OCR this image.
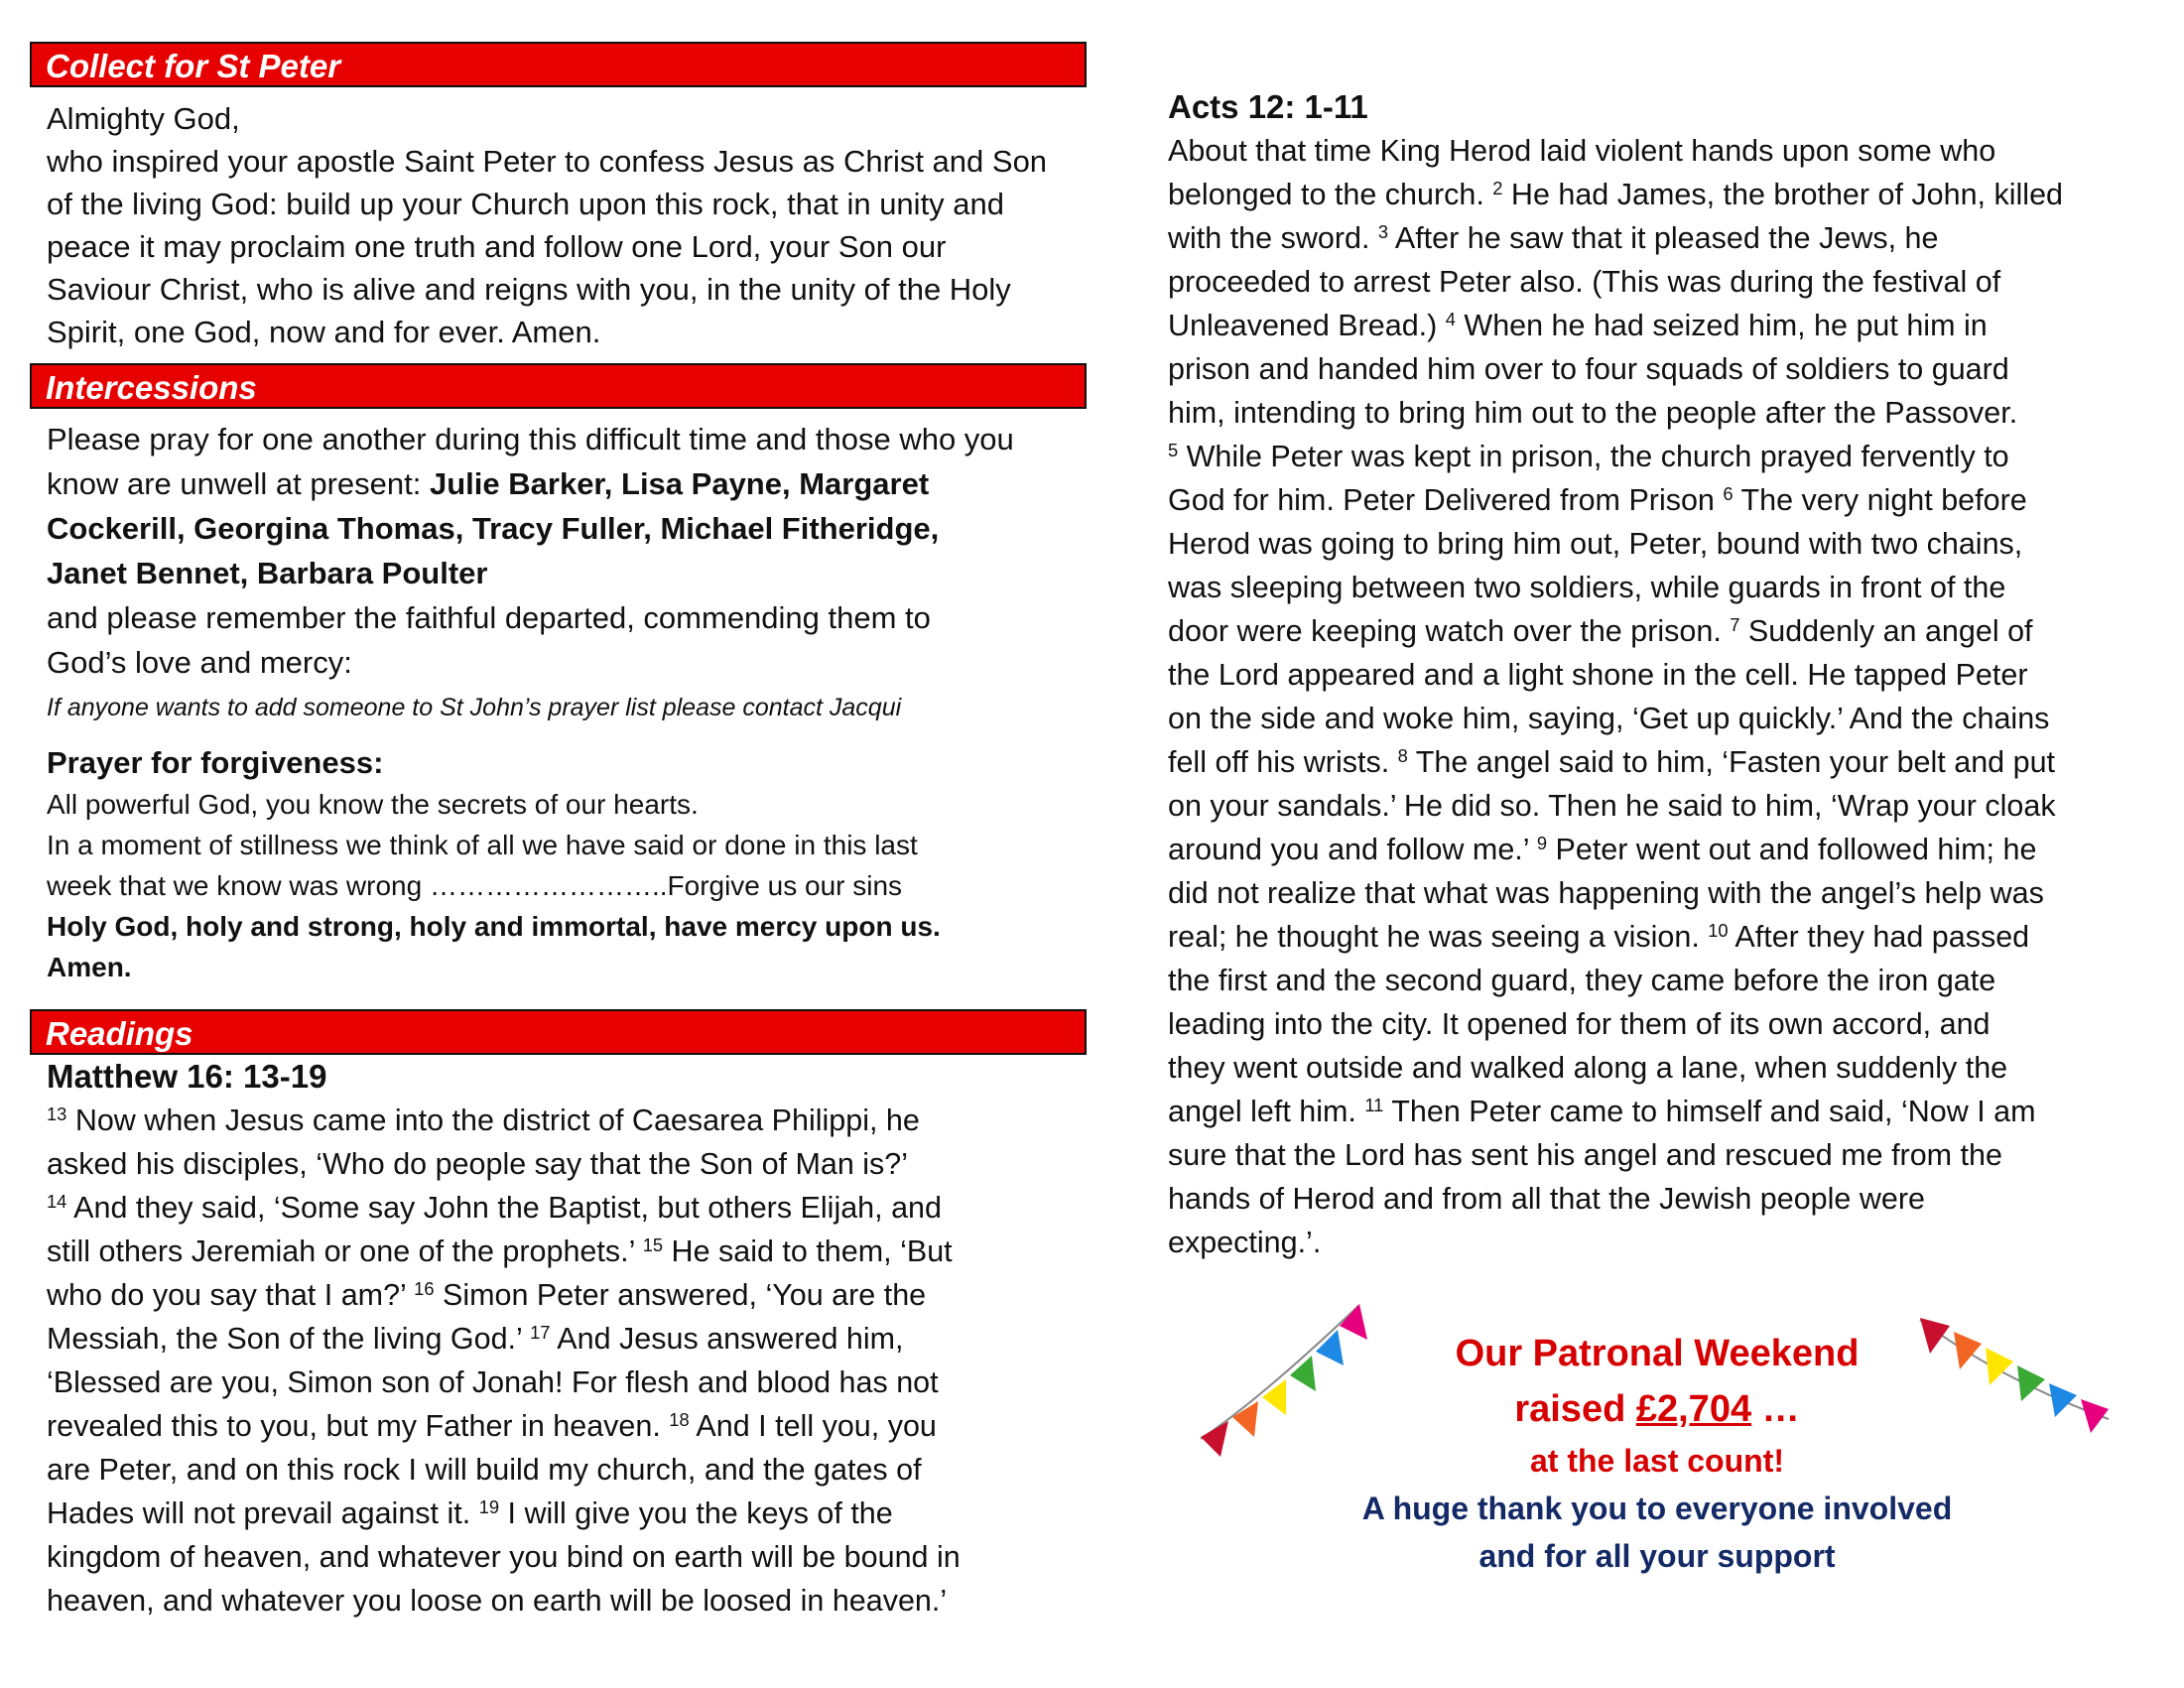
Collect for St Peter

Almighty God,

who inspired your apostle Saint Peter to confess Jesus as Christ and Son

of the living God: build up your Church upon this rock, that in unity and

peace it may proclaim one truth and follow one Lord, your Son our

Saviour Christ, who is alive and reigns with you, in the unity of the Holy

Spirit, one God, now and for ever. Amen.

Intercessions

Please pray for one another during this difficult time and those who you

know are unwell at present: Julie Barker, Lisa Payne, Margaret

Cockerill, Georgina Thomas, Tracy Fuller, Michael Fitheridge,

Janet Bennet, Barbara Poulter

and please remember the faithful departed, commending them to

God’s love and mercy:

If anyone wants to add someone to St John’s prayer list please contact Jacqui
Prayer for forgiveness:

All powerful God, you know the secrets of our hearts.

In a moment of stillness we think of all we have said or done in this last

week that we know was wrong ……………………..Forgive us our sins

Holy God, holy and strong, holy and immortal, have mercy upon us.

Amen.

Readings
Matthew 16: 13-19
$^{13}$ Now when Jesus came into the district of Caesarea Philippi, he
asked his disciples, ‘Who do people say that the Son of Man is?’
$^{14}$ And they said, ‘Some say John the Baptist, but others Elijah, and
still others Jeremiah or one of the prophets.’ $^{15}$ He said to them, ‘But
who do you say that I am?’ $^{16}$ Simon Peter answered, ‘You are the
Messiah, the Son of the living God.’ $^{17}$ And Jesus answered him,
‘Blessed are you, Simon son of Jonah! For flesh and blood has not
revealed this to you, but my Father in heaven. $^{18}$ And I tell you, you
are Peter, and on this rock I will build my church, and the gates of
Hades will not prevail against it. $^{19}$ I will give you the keys of the
kingdom of heaven, and whatever you bind on earth will be bound in
heaven, and whatever you loose on earth will be loosed in heaven.’
Acts 12: 1-11
About that time King Herod laid violent hands upon some who
belonged to the church. $^2$ He had James, the brother of John, killed
with the sword. $^3$ After he saw that it pleased the Jews, he
proceeded to arrest Peter also. (This was during the festival of
Unleavened Bread.) $^4$ When he had seized him, he put him in
prison and handed him over to four squads of soldiers to guard
him, intending to bring him out to the people after the Passover.
$^5$ While Peter was kept in prison, the church prayed fervently to
God for him. Peter Delivered from Prison $^6$ The very night before
Herod was going to bring him out, Peter, bound with two chains,
was sleeping between two soldiers, while guards in front of the
door were keeping watch over the prison. $^7$ Suddenly an angel of
the Lord appeared and a light shone in the cell. He tapped Peter
on the side and woke him, saying, ‘Get up quickly.’ And the chains
fell off his wrists. $^8$ The angel said to him, ‘Fasten your belt and put
on your sandals.’ He did so. Then he said to him, ‘Wrap your cloak
around you and follow me.’ $^9$ Peter went out and followed him; he
did not realize that what was happening with the angel’s help was
real; he thought he was seeing a vision. $^{10}$ After they had passed
the first and the second guard, they came before the iron gate
leading into the city. It opened for them of its own accord, and
they went outside and walked along a lane, when suddenly the
angel left him. $^{11}$ Then Peter came to himself and said, ‘Now I am
sure that the Lord has sent his angel and rescued me from the
hands of Herod and from all that the Jewish people were
expecting.’.
Our Patronal Weekend
raised £2,704 …
at the last count!
A huge thank you to everyone involved
and for all your support
